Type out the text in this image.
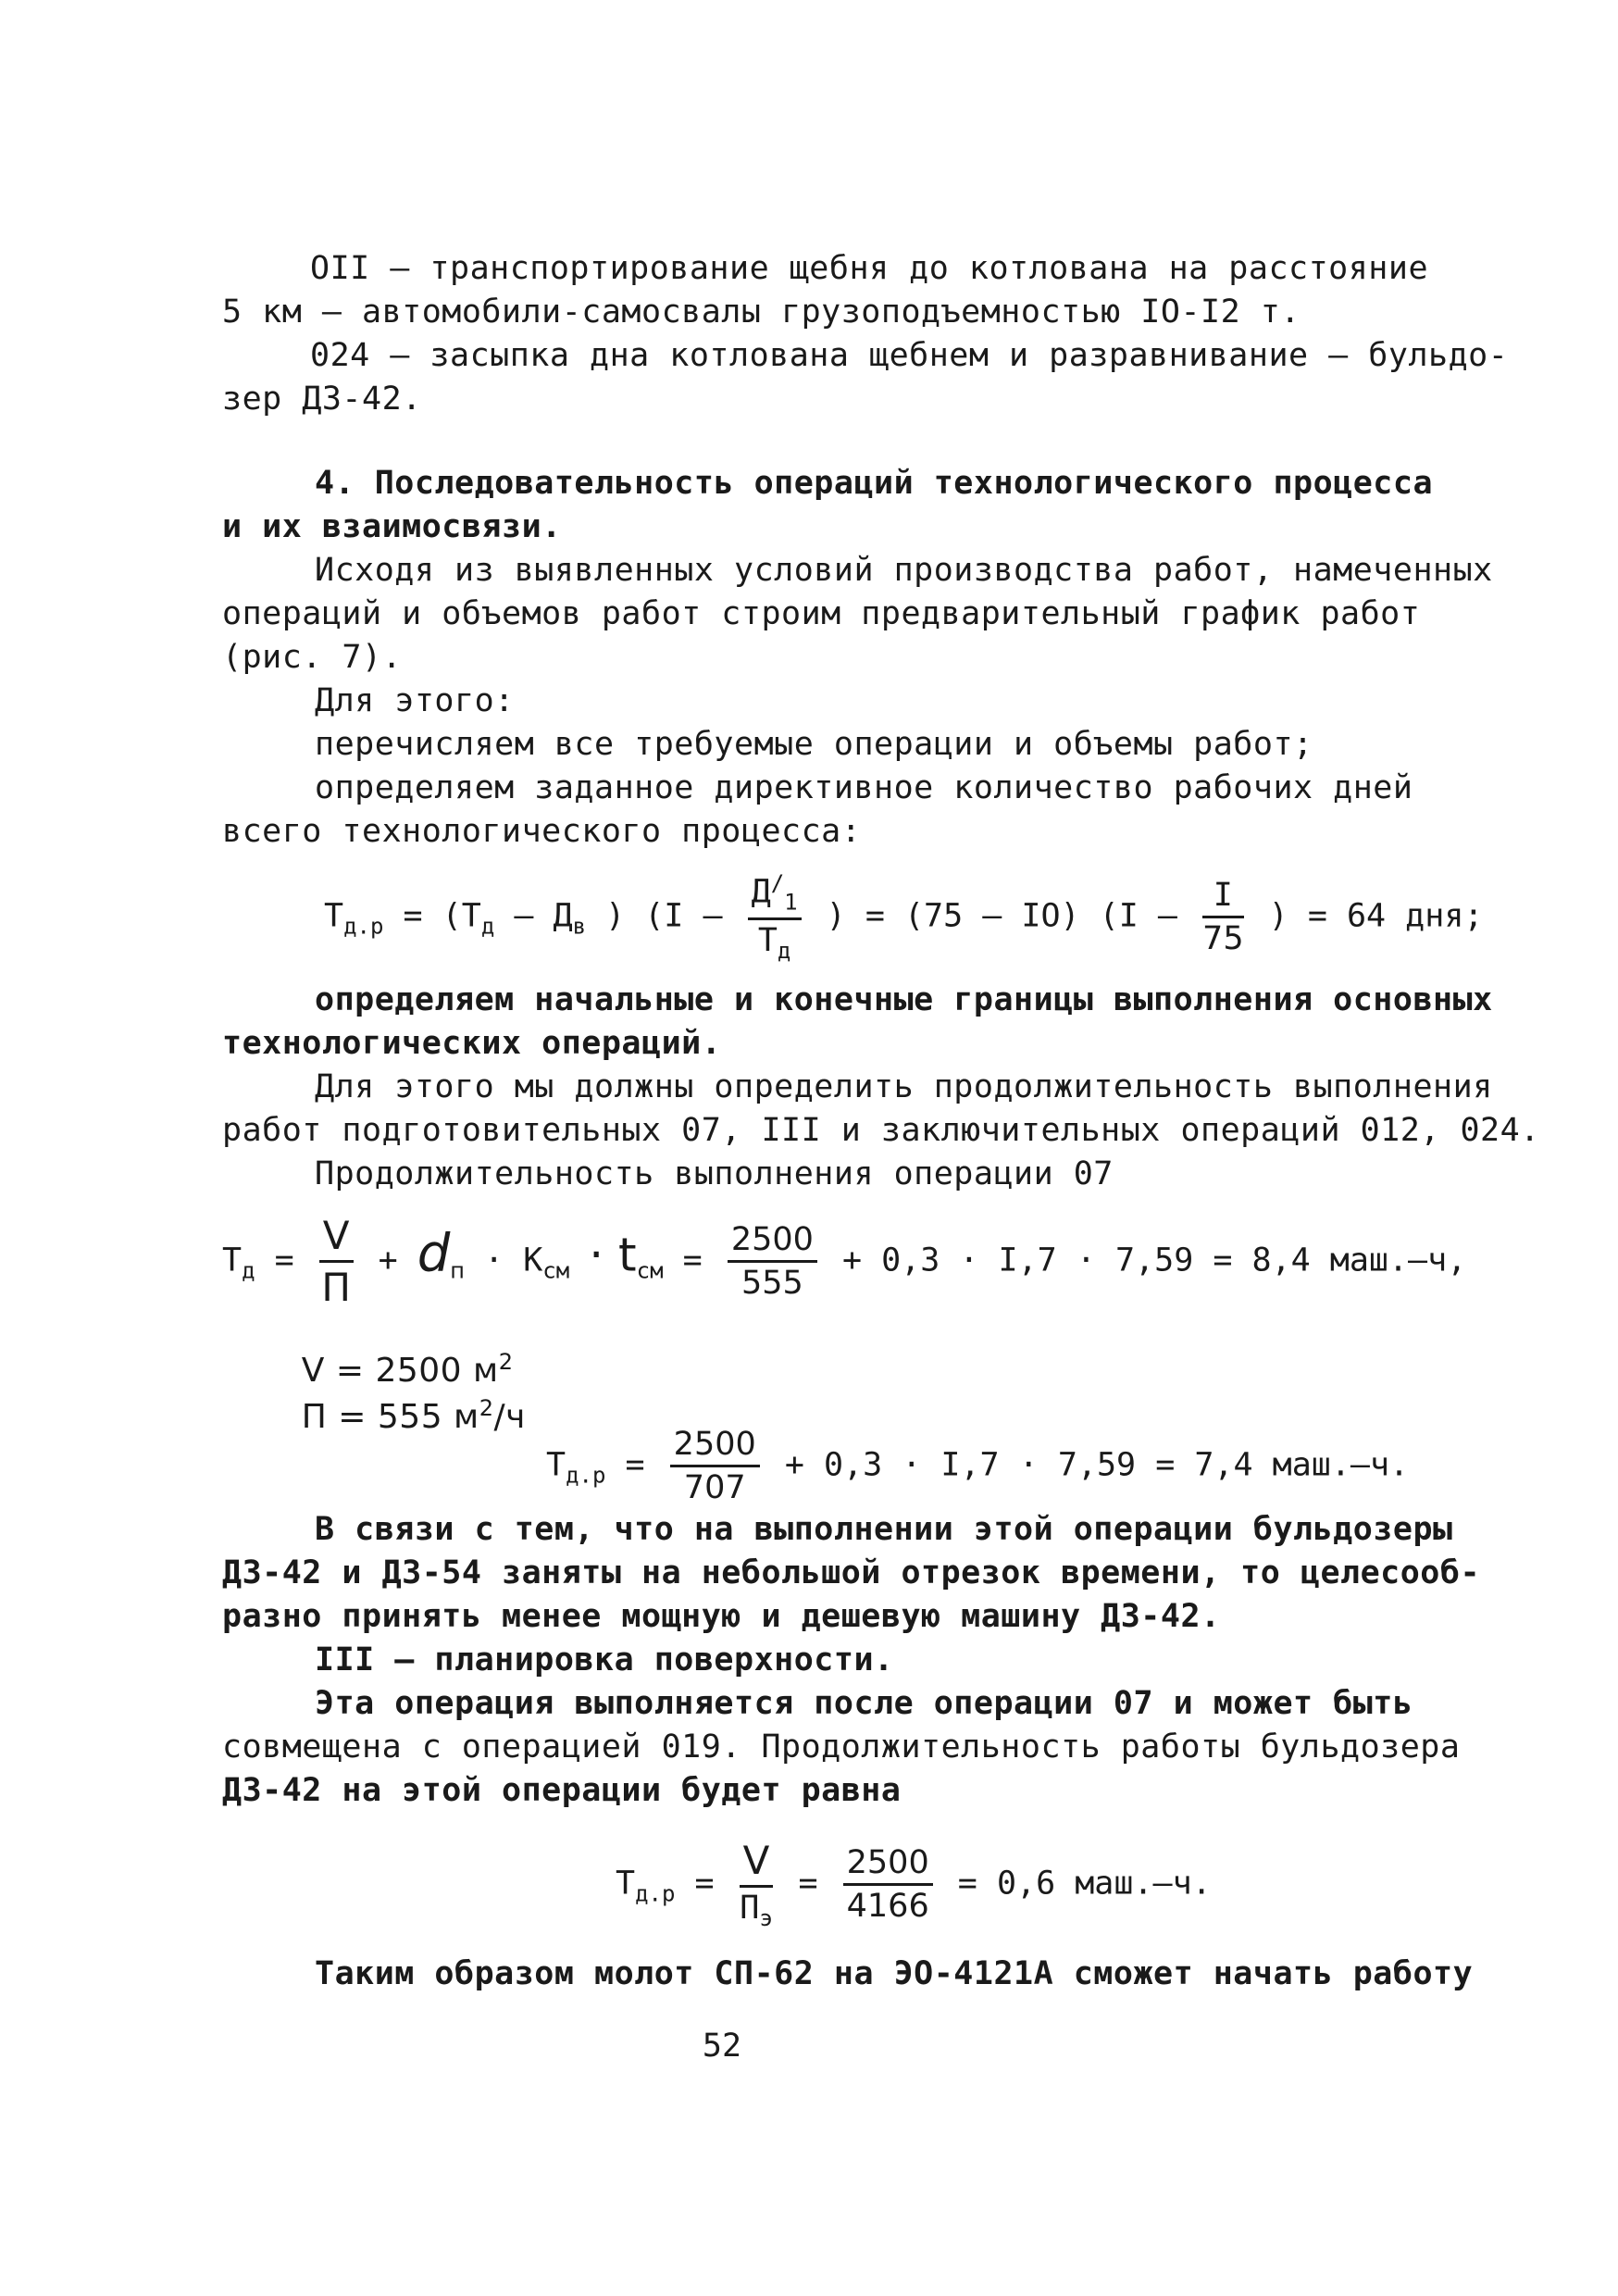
OII – транспортирование щебня до котлована на расстояние
5 км – автомобили-самосвалы грузоподъемностью IO-I2 т.
024 – засыпка дна котлована щебнем и разравнивание – бульдо-
зер ДЗ-42.
4. Последовательность операций технологического процесса
и их взаимосвязи.
Исходя из выявленных условий производства работ, намеченных
операций и объемов работ строим предварительный график работ
(рис. 7).
Для этого:
перечисляем все требуемые операции и объемы работ;
определяем заданное директивное количество рабочих дней
всего технологического процесса:
$Т_{д.р} = (Т_д - Д_в$ ) ($I - \frac{Д^/_1}{Т_д}$ ) = (75 – IO) ($I - \frac{I}{75}$ ) = 64 дня;
определяем начальные и конечные границы выполнения основных
технологических операций.
Для этого мы должны определить продолжительность выполнения
работ подготовительных 07, III и заключительных операций 012, 024.
Продолжительность выполнения операции 07
$Т_д = \frac{V}{П} + d_п \cdot К_{см} \cdot t_{см} = \frac{2500}{555} + 0,3 \cdot I,7 \cdot 7,59 = 8,4$ маш.–ч,

V = 2500 $м^2$

П = 555 $м^2/ч$

$Т_{д.р} = \frac{2500}{707} + 0,3 \cdot I,7 \cdot 7,59 = 7,4$ маш.–ч.
В связи с тем, что на выполнении этой операции бульдозеры
ДЗ-42 и ДЗ-54 заняты на небольшой отрезок времени, то целесооб-
разно принять менее мощную и дешевую машину ДЗ-42.
III – планировка поверхности.
Эта операция выполняется после операции 07 и может быть
совмещена с операцией 019. Продолжительность работы бульдозера
ДЗ-42 на этой операции будет равна
$Т_{д.р} = \frac{V}{П_э} = \frac{2500}{4166} = 0,6$ маш.–ч.
Таким образом молот СП-62 на ЭО-4121А сможет начать работу
52
